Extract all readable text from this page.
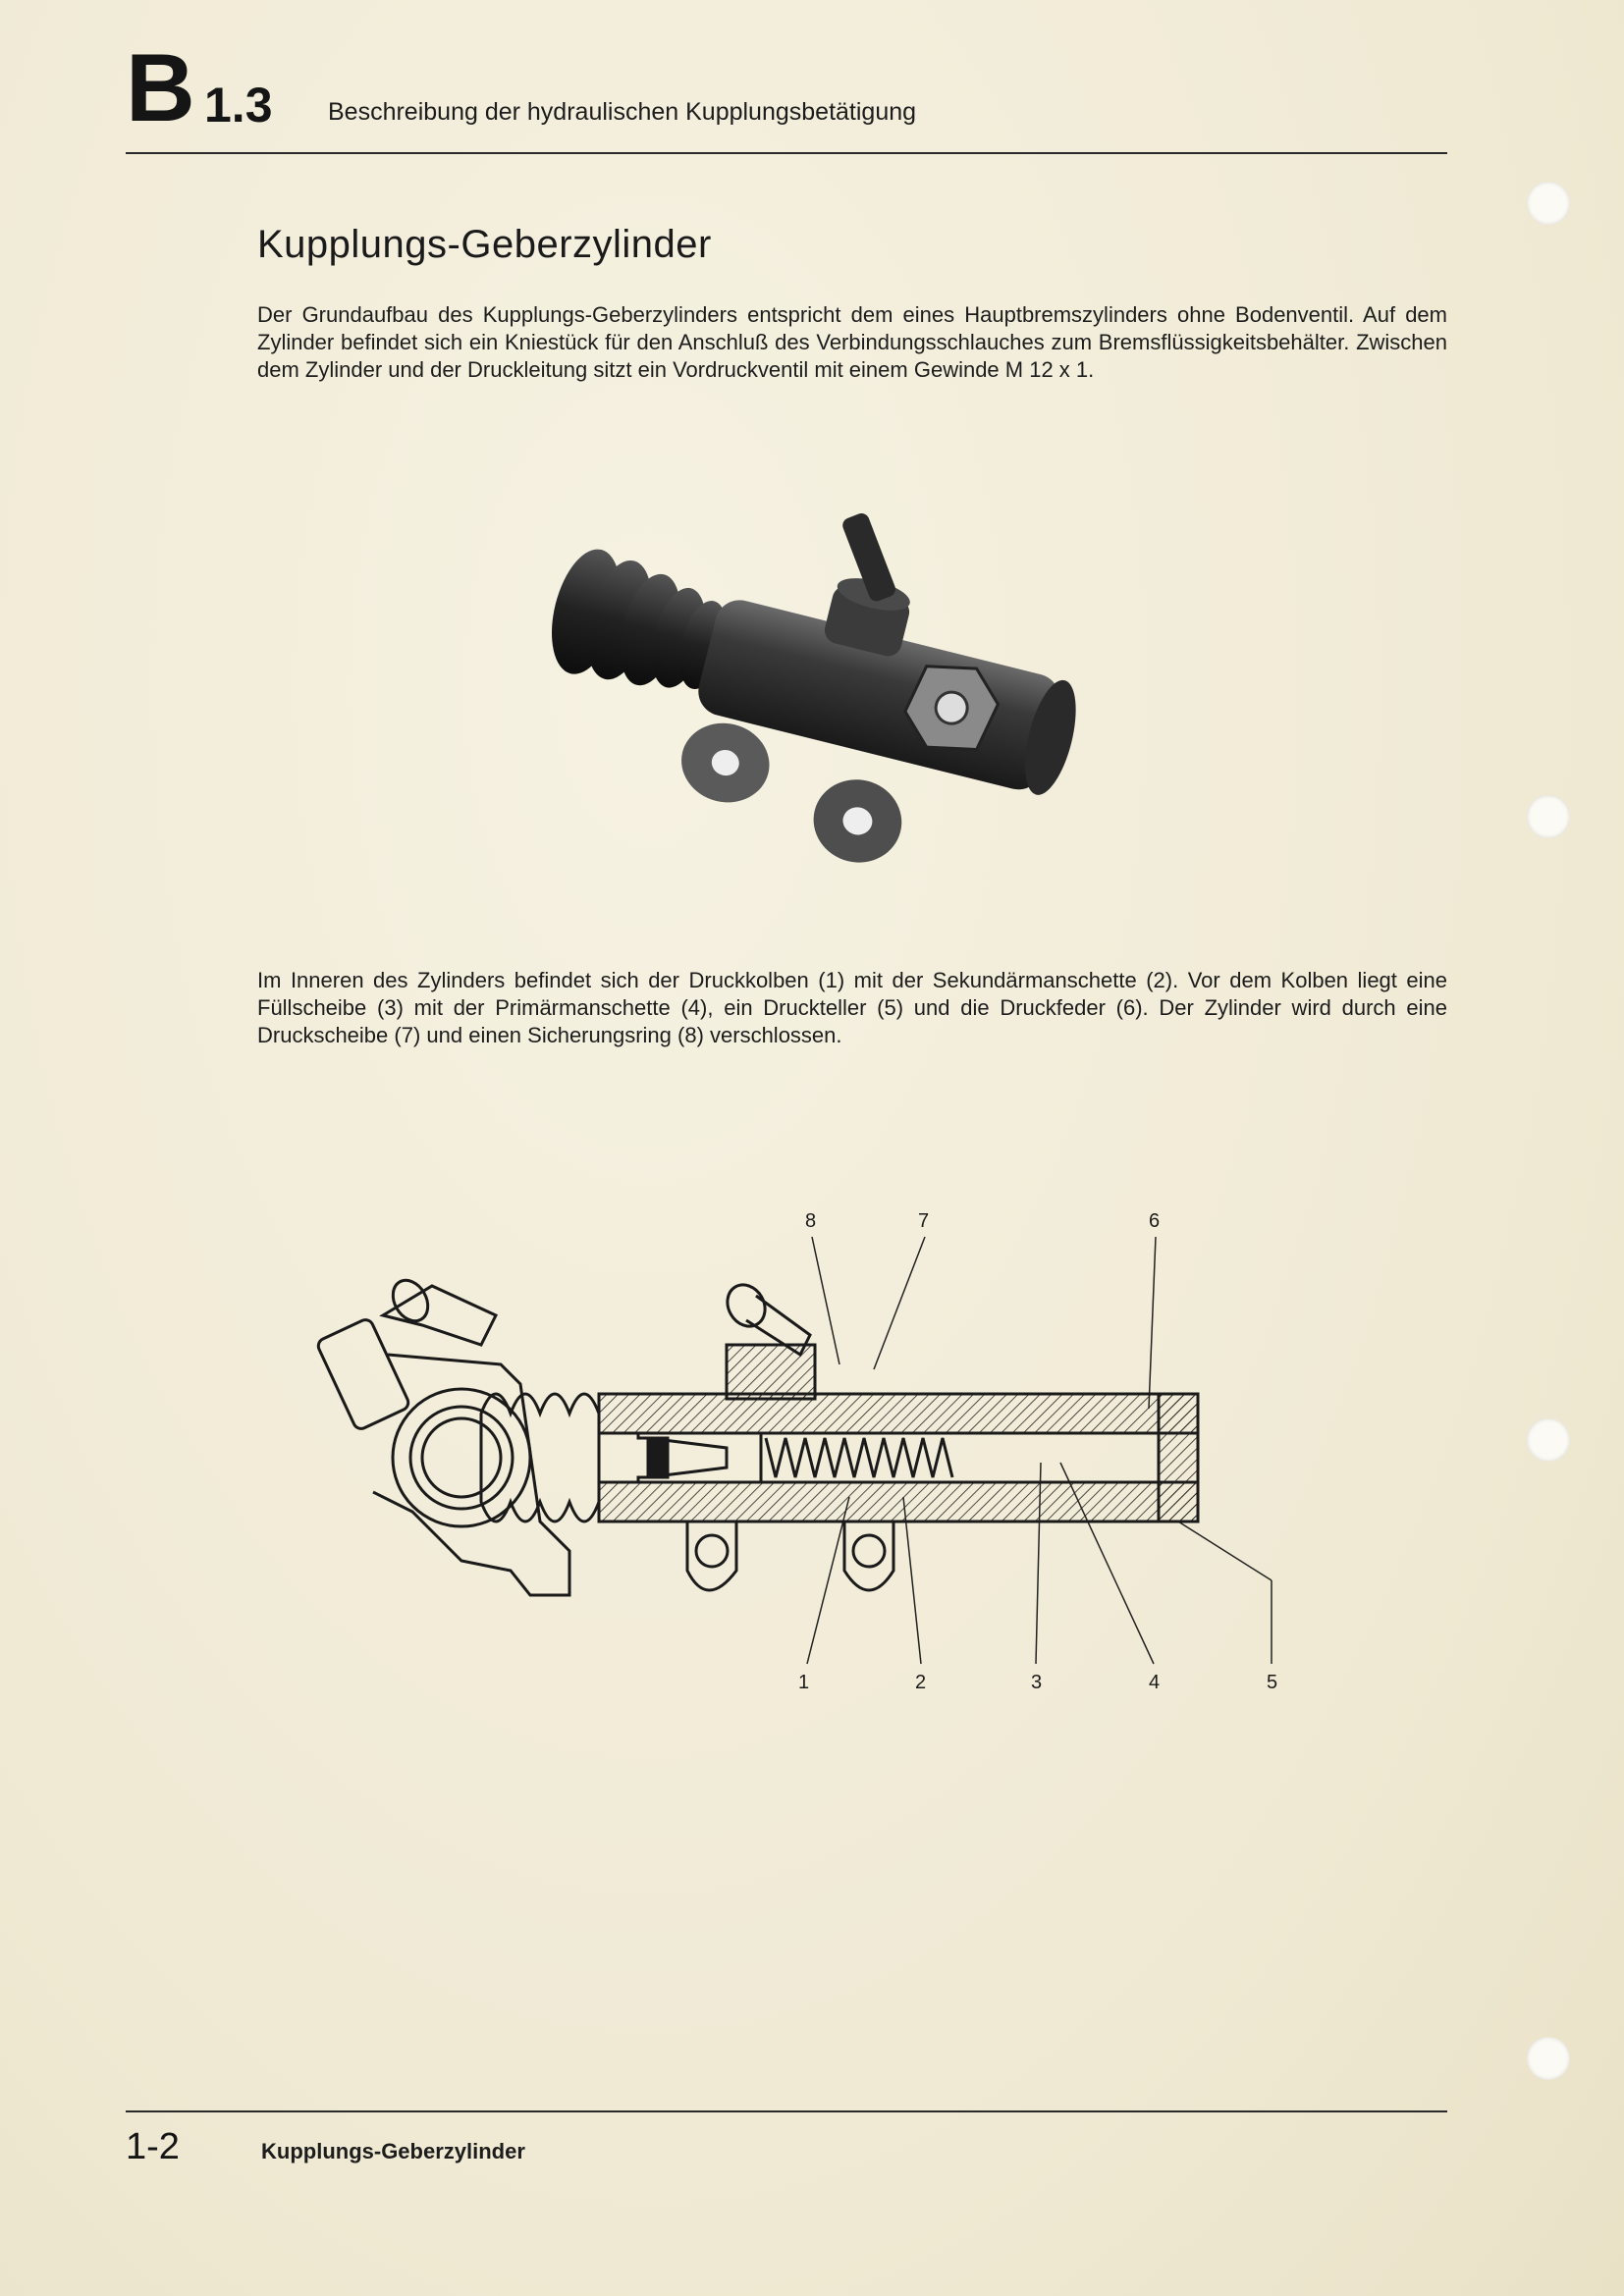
B 1.3 Beschreibung der hydraulischen Kupplungsbetätigung
Kupplungs-Geberzylinder

Der Grundaufbau des Kupplungs-Geberzylinders entspricht dem eines Hauptbremszylinders ohne Bodenventil. Auf dem Zylinder befindet sich ein Kniestück für den Anschluß des Verbindungsschlauches zum Bremsflüssigkeitsbehälter. Zwischen dem Zylinder und der Druckleitung sitzt ein Vordruckventil mit einem Gewinde M 12 x 1.

Im Inneren des Zylinders befindet sich der Druckkolben (1) mit der Sekundärmanschette (2). Vor dem Kolben liegt eine Füllscheibe (3) mit der Primärmanschette (4), ein Druckteller (5) und die Druckfeder (6). Der Zylinder wird durch eine Druckscheibe (7) und einen Sicherungsring (8) verschlossen.

8	7	6
1	2	3	4	5
1-2	Kupplungs-Geberzylinder
